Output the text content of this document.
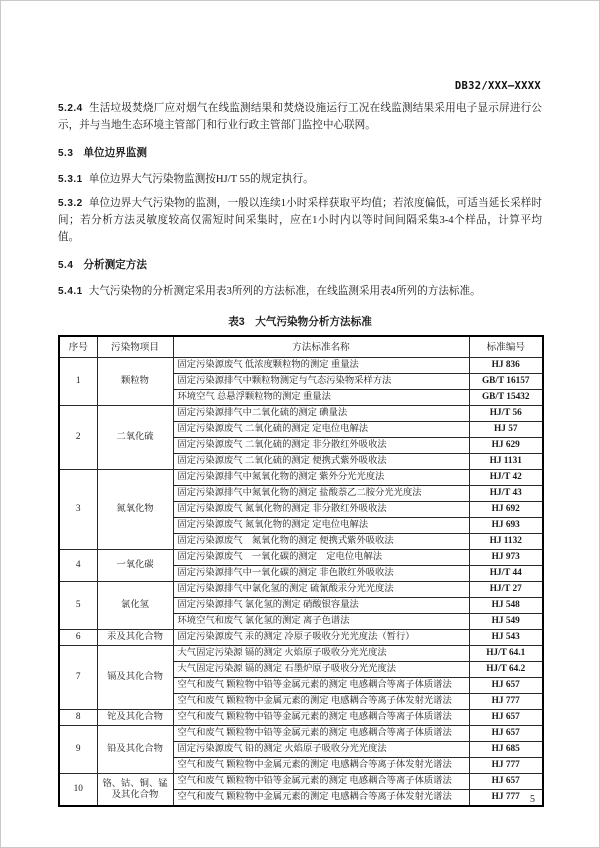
DB32/XXX—XXXX

5.2.4 生活垃圾焚烧厂应对烟气在线监测结果和焚烧设施运行工况在线监测结果采用电子显示屏进行公示，并与当地生态环境主管部门和行业行政主管部门监控中心联网。

5.3 单位边界监测

5.3.1 单位边界大气污染物监测按HJ/T 55的规定执行。

5.3.2 单位边界大气污染物的监测，一般以连续1小时采样获取平均值；若浓度偏低，可适当延长采样时间；若分析方法灵敏度较高仅需短时间采集时，应在1小时内以等时间间隔采集3-4个样品，计算平均值。

5.4 分析测定方法

5.4.1 大气污染物的分析测定采用表3所列的方法标准，在线监测采用表4所列的方法标准。

表3　大气污染物分析方法标准
序号	污染物项目	方法标准名称	标准编号
1	颗粒物	固定污染源废气 低浓度颗粒物的测定 重量法	HJ 836
		固定污染源排气中颗粒物测定与气态污染物采样方法	GB/T 16157
		环境空气 总悬浮颗粒物的测定 重量法	GB/T 15432
2	二氧化硫	固定污染源排气中二氧化硫的测定 碘量法	HJ/T 56
		固定污染源废气 二氧化硫的测定 定电位电解法	HJ 57
		固定污染源废气 二氧化硫的测定 非分散红外吸收法	HJ 629
		固定污染源废气 二氧化硫的测定 便携式紫外吸收法	HJ 1131
3	氮氧化物	固定污染源排气中氮氧化物的测定 紫外分光光度法	HJ/T 42
		固定污染源排气中氮氧化物的测定 盐酸萘乙二胺分光光度法	HJ/T 43
		固定污染源废气 氮氧化物的测定 非分散红外吸收法	HJ 692
		固定污染源废气 氮氧化物的测定 定电位电解法	HJ 693
		固定污染源废气　氮氧化物的测定 便携式紫外吸收法	HJ 1132
4	一氧化碳	固定污染源废气　一氧化碳的测定　定电位电解法	HJ 973
		固定污染源排气中一氧化碳的测定 非色散红外吸收法	HJ/T 44
5	氯化氢	固定污染源排气中氯化氢的测定 硫氰酸汞分光光度法	HJ/T 27
		固定污染源排气 氯化氢的测定 硝酸银容量法	HJ 548
		环境空气和废气 氯化氢的测定 离子色谱法	HJ 549
6	汞及其化合物	固定污染源废气 汞的测定 冷原子吸收分光光度法（暂行）	HJ 543
7	镉及其化合物	大气固定污染源 镉的测定 火焰原子吸收分光光度法	HJ/T 64.1
		大气固定污染源 镉的测定 石墨炉原子吸收分光光度法	HJ/T 64.2
		空气和废气 颗粒物中铅等金属元素的测定 电感耦合等离子体质谱法	HJ 657
		空气和废气 颗粒物中金属元素的测定 电感耦合等离子体发射光谱法	HJ 777
8	铊及其化合物	空气和废气 颗粒物中铅等金属元素的测定 电感耦合等离子体质谱法	HJ 657
9	铅及其化合物	空气和废气 颗粒物中铅等金属元素的测定 电感耦合等离子体质谱法	HJ 657
		固定污染源废气 铅的测定 火焰原子吸收分光光度法	HJ 685
		空气和废气 颗粒物中金属元素的测定 电感耦合等离子体发射光谱法	HJ 777
10	铬、钴、铜、锰及其化合物	空气和废气 颗粒物中铅等金属元素的测定 电感耦合等离子体质谱法	HJ 657
		空气和废气 颗粒物中金属元素的测定 电感耦合等离子体发射光谱法	HJ 777 5
